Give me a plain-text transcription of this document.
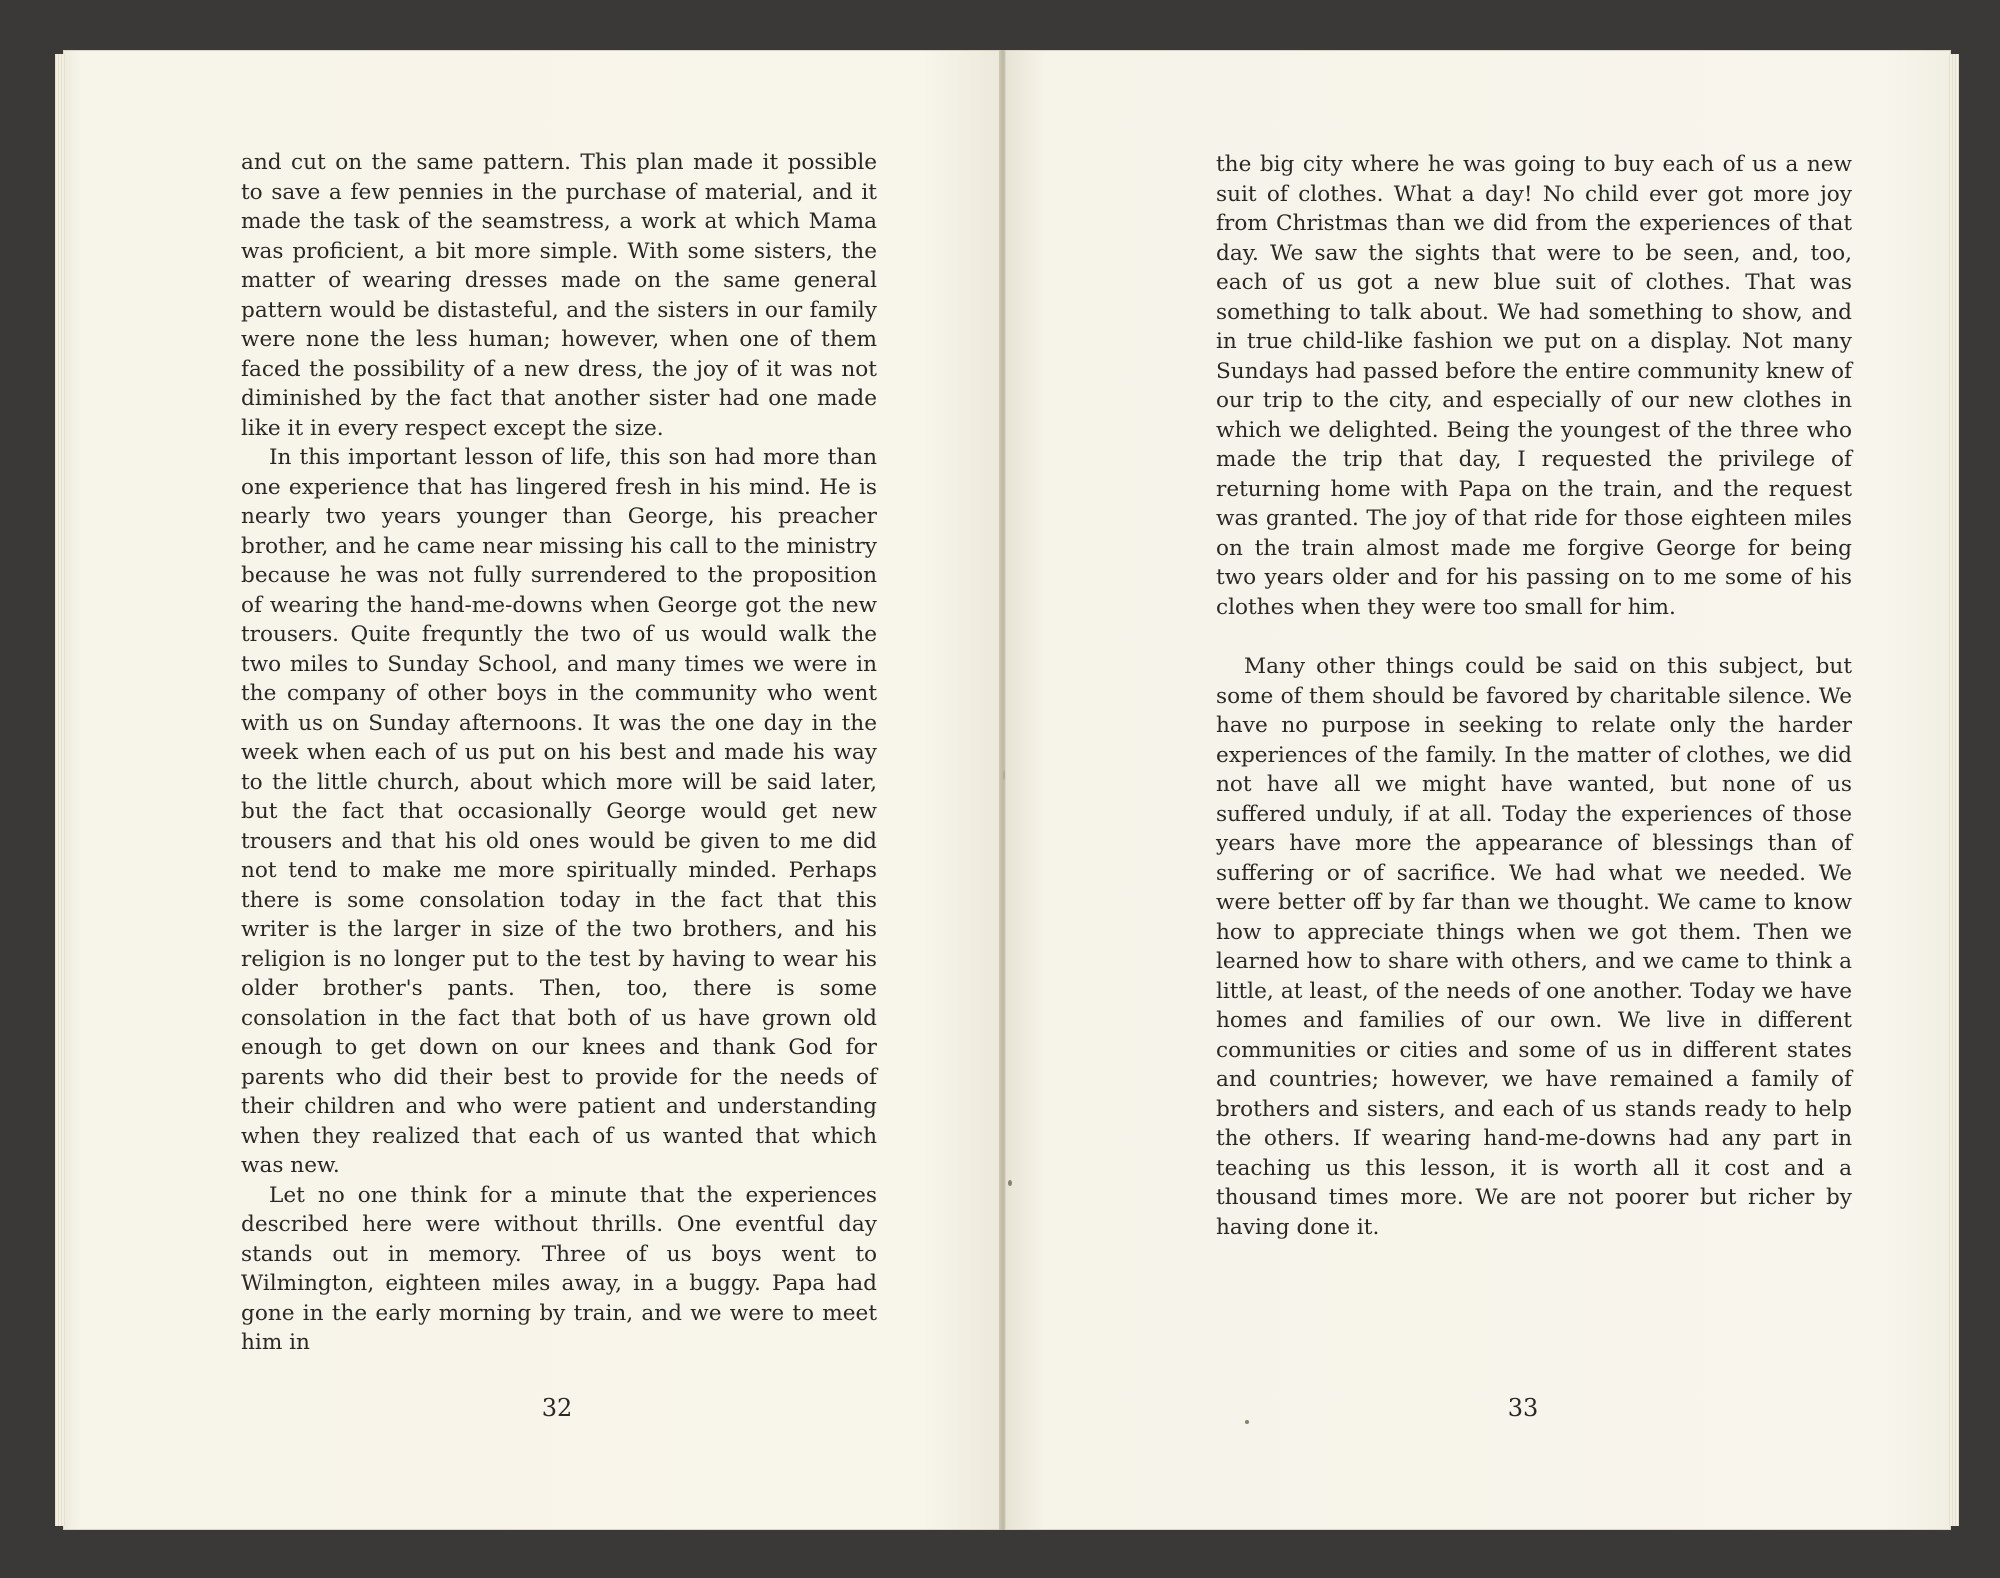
and cut on the same pattern. This plan made it possible to save a few pennies in the purchase of material, and it made the task of the seamstress, a work at which Mama was proficient, a bit more simple. With some sisters, the matter of wearing dresses made on the same general pattern would be distasteful, and the sisters in our family were none the less human; however, when one of them faced the possibility of a new dress, the joy of it was not diminished by the fact that another sister had one made like it in every respect except the size.

In this important lesson of life, this son had more than one experience that has lingered fresh in his mind. He is nearly two years younger than George, his preacher brother, and he came near missing his call to the ministry because he was not fully surrendered to the proposition of wearing the hand-me-downs when George got the new trousers. Quite frequntly the two of us would walk the two miles to Sunday School, and many times we were in the company of other boys in the community who went with us on Sunday afternoons. It was the one day in the week when each of us put on his best and made his way to the little church, about which more will be said later, but the fact that occasionally George would get new trousers and that his old ones would be given to me did not tend to make me more spiritually minded. Perhaps there is some consolation today in the fact that this writer is the larger in size of the two brothers, and his religion is no longer put to the test by having to wear his older brother's pants. Then, too, there is some consolation in the fact that both of us have grown old enough to get down on our knees and thank God for parents who did their best to provide for the needs of their children and who were patient and understanding when they realized that each of us wanted that which was new.

Let no one think for a minute that the experiences described here were without thrills. One eventful day stands out in memory. Three of us boys went to Wilmington, eighteen miles away, in a buggy. Papa had gone in the early morning by train, and we were to meet him in

32

the big city where he was going to buy each of us a new suit of clothes. What a day! No child ever got more joy from Christmas than we did from the experiences of that day. We saw the sights that were to be seen, and, too, each of us got a new blue suit of clothes. That was something to talk about. We had something to show, and in true child-like fashion we put on a display. Not many Sundays had passed before the entire community knew of our trip to the city, and especially of our new clothes in which we delighted. Being the youngest of the three who made the trip that day, I requested the privilege of returning home with Papa on the train, and the request was granted. The joy of that ride for those eighteen miles on the train almost made me forgive George for being two years older and for his passing on to me some of his clothes when they were too small for him.

Many other things could be said on this subject, but some of them should be favored by charitable silence. We have no purpose in seeking to relate only the harder experiences of the family. In the matter of clothes, we did not have all we might have wanted, but none of us suffered unduly, if at all. Today the experiences of those years have more the appearance of blessings than of suffering or of sacrifice. We had what we needed. We were better off by far than we thought. We came to know how to appreciate things when we got them. Then we learned how to share with others, and we came to think a little, at least, of the needs of one another. Today we have homes and families of our own. We live in different communities or cities and some of us in different states and countries; however, we have remained a family of brothers and sisters, and each of us stands ready to help the others. If wearing hand-me-downs had any part in teaching us this lesson, it is worth all it cost and a thousand times more. We are not poorer but richer by having done it.

33
